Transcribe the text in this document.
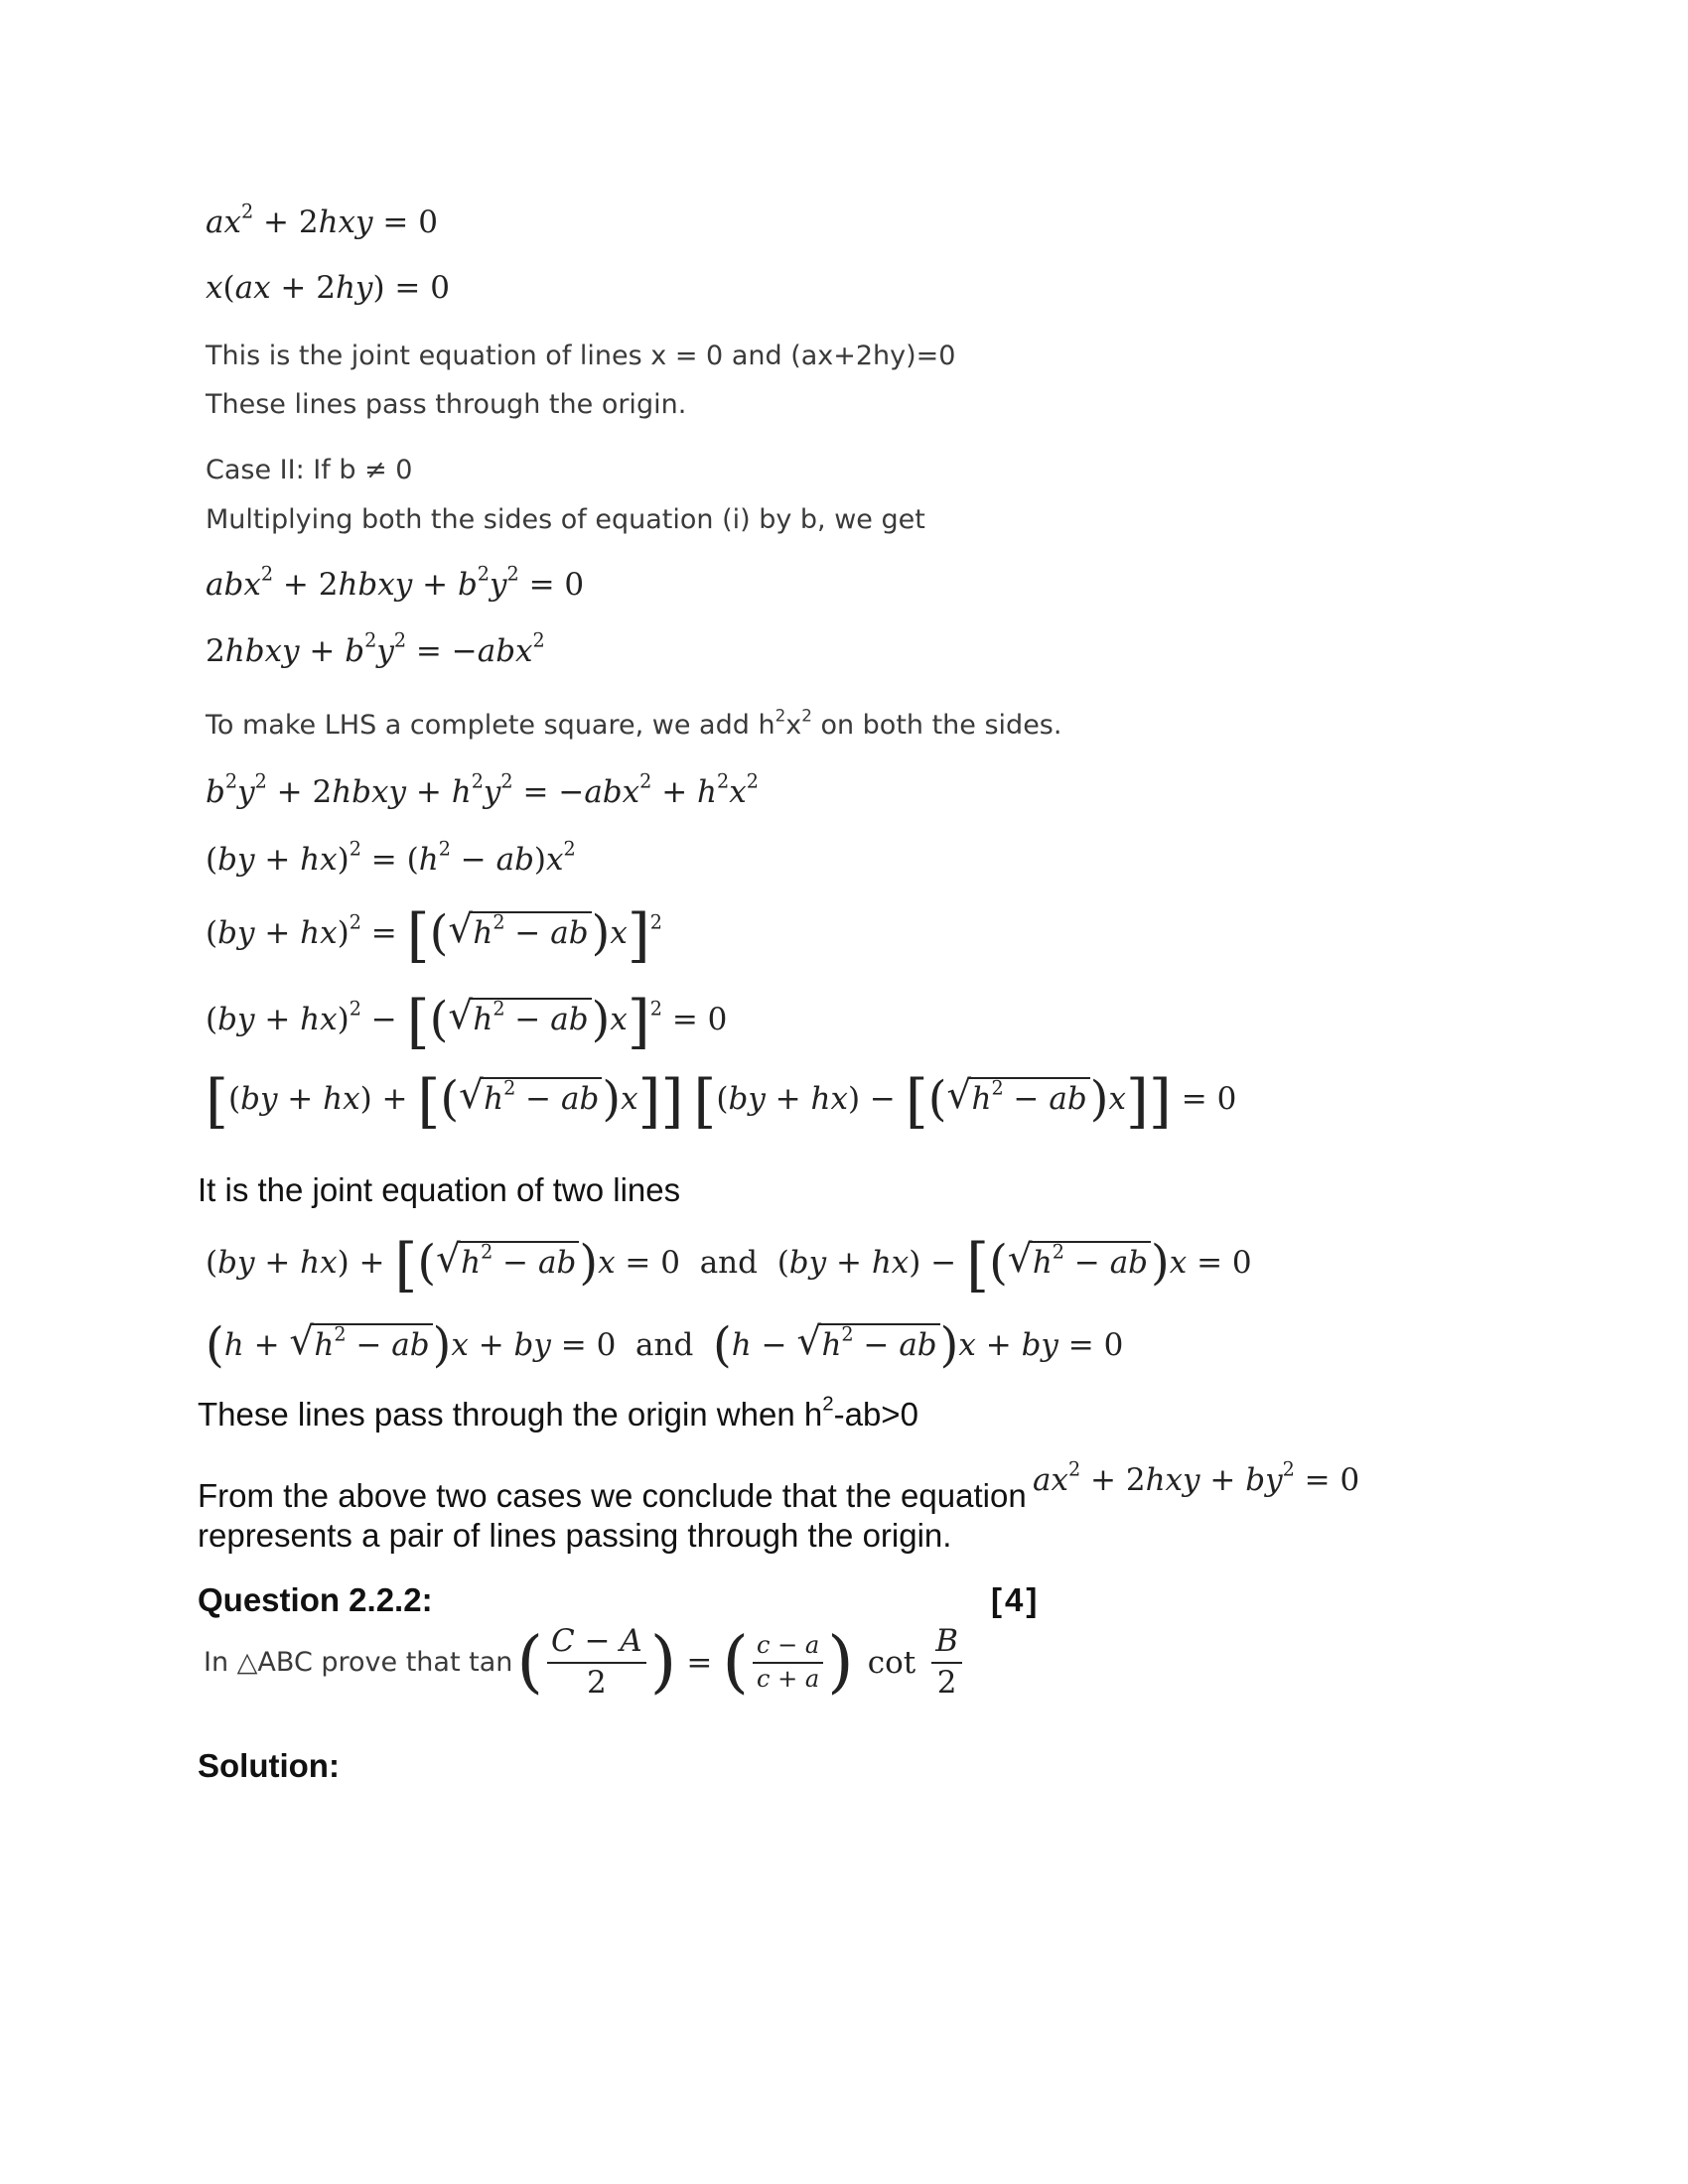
$ax^2 + 2hxy = 0$
x(ax + 2hy) = 0
This is the joint equation of lines x = 0 and (ax+2hy)=0
These lines pass through the origin.
Case II: If b ≠ 0
Multiplying both the sides of equation (i) by b, we get
abx$^2$ + 2hbxy + $b^2y^2 = 0$
2hbxy + $b^2y^2 = -abx^2$
To make LHS a complete square, we add $h^2x^2$ on both the sides.
$b^2y^2$ + 2hbxy + $h^2y^2 = -abx^2 + h^2x^2$
$(by + hx)^2 = (h^2 - ab)x^2$
(by + hx)$^2$ = [( √ $h^2 - ab)x]^2$
(by + hx)$^2$ − [( √ $h^2 - ab)x]^2 = 0$
[(by + hx) + [( √ $h^2 - ab)x$]] [(by + hx) − [( √ $h^2 - ab)x]] = 0$
It is the joint equation of two lines
(by + hx) + [( √ $h^2 - ab)x = 0$  and  (by + hx) − [( √ $h^2 - ab)x = 0$
(h + √ $h^2 - ab)x$ + by = 0  and (h − √ $h^2 - ab)x$ + by = 0
These lines pass through the origin when $h^2-ab>0$
From the above two cases we conclude that the equation $ax^2 + 2hxy + by^2 = 0$
represents a pair of lines passing through the origin.
Question 2.2.2:	[4]
In △ABC prove that tan ( $\frac{C - A}{2}$ ) = ( $\frac{c - a}{c + a}$ ) $\cot \frac{B}{2}$
Solution:
